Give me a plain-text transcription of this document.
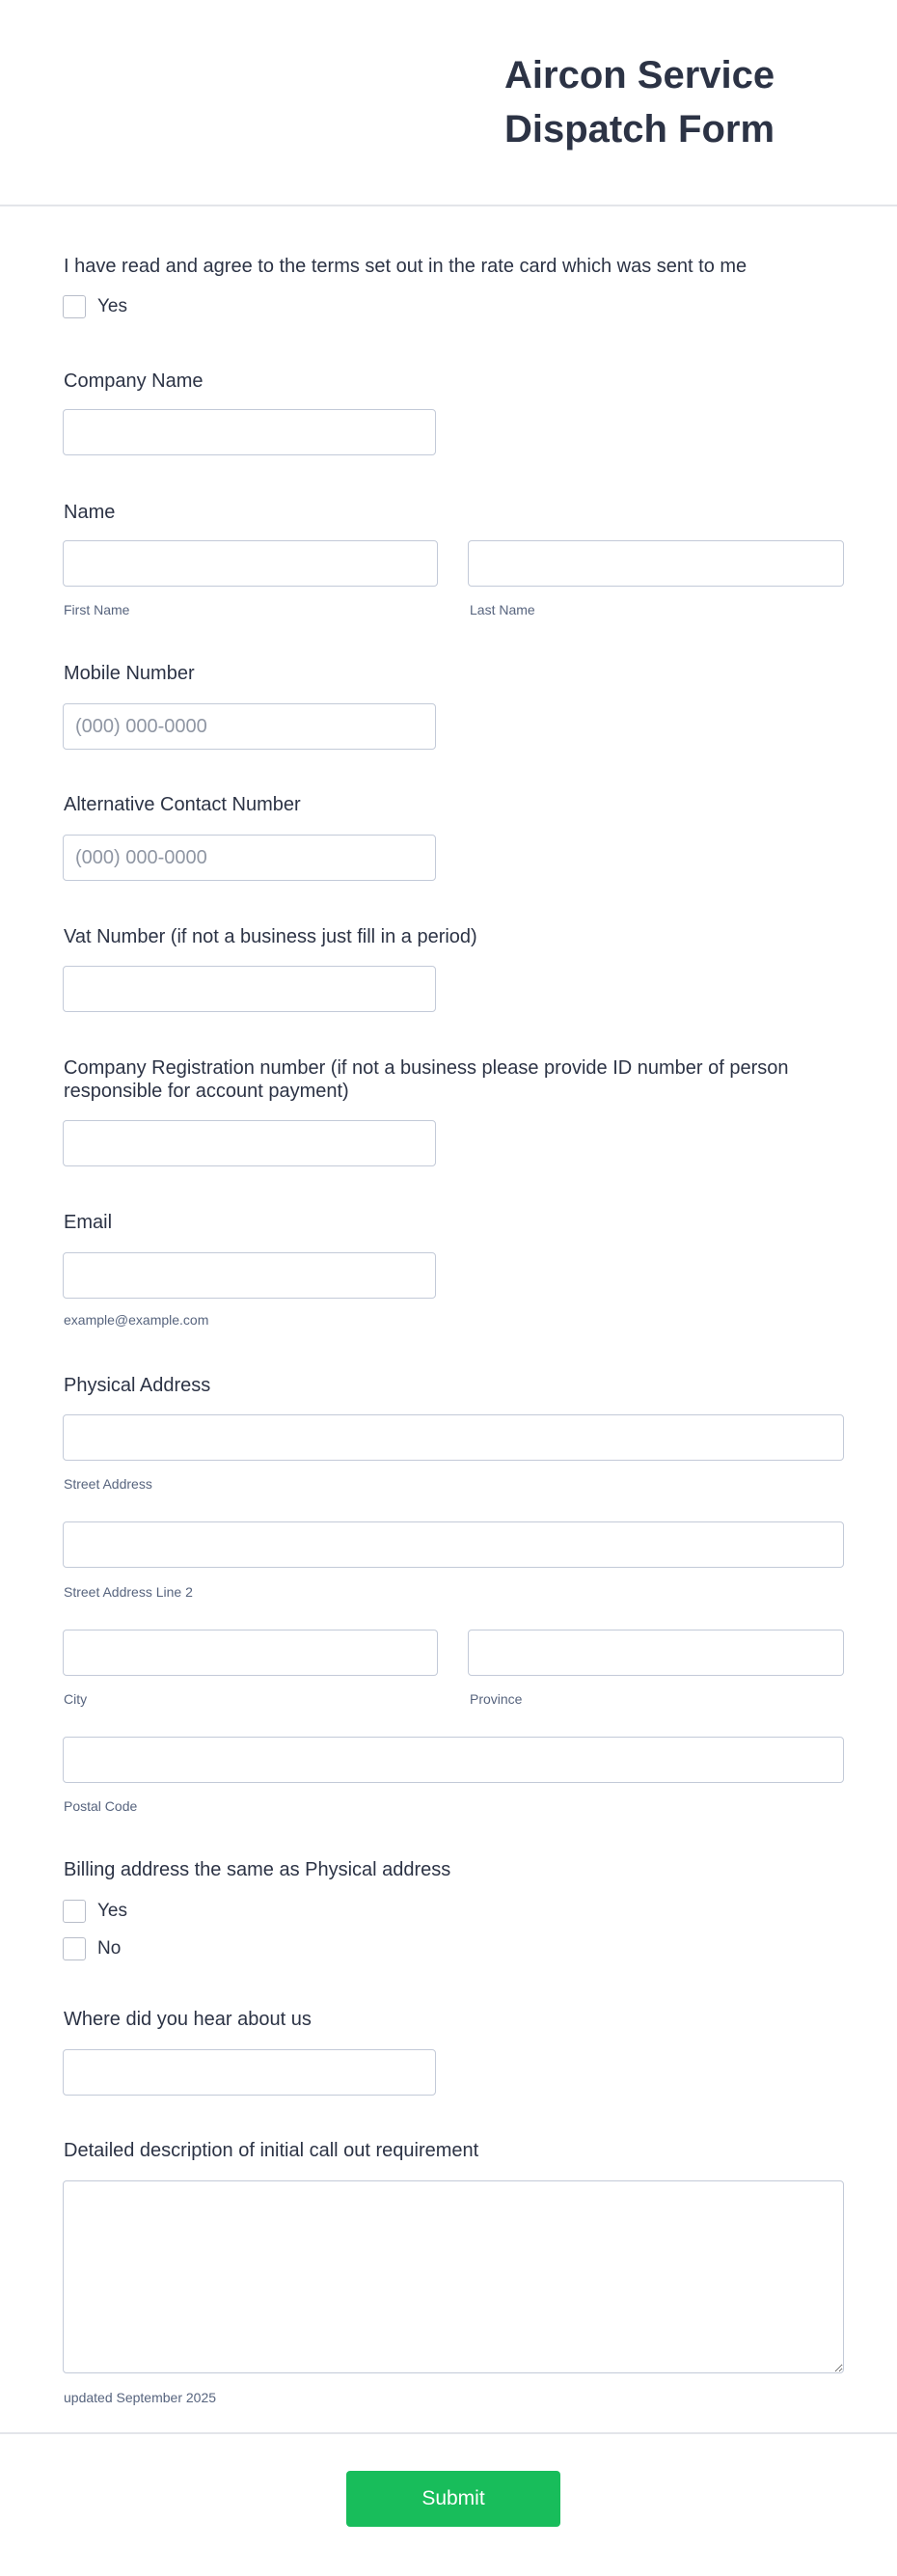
Aircon Service Dispatch Form
I have read and agree to the terms set out in the rate card which was sent to me
Yes
Company Name
Name
First Name	Last Name
Mobile Number
(000) 000-0000
Alternative Contact Number
(000) 000-0000
Vat Number (if not a business just fill in a period)
Company Registration number (if not a business please provide ID number of person responsible for account payment)
Email
example@example.com
Physical Address
Street Address
Street Address Line 2
City	Province
Postal Code
Billing address the same as Physical address
Yes
No
Where did you hear about us
Detailed description of initial call out requirement
updated September 2025
Submit
